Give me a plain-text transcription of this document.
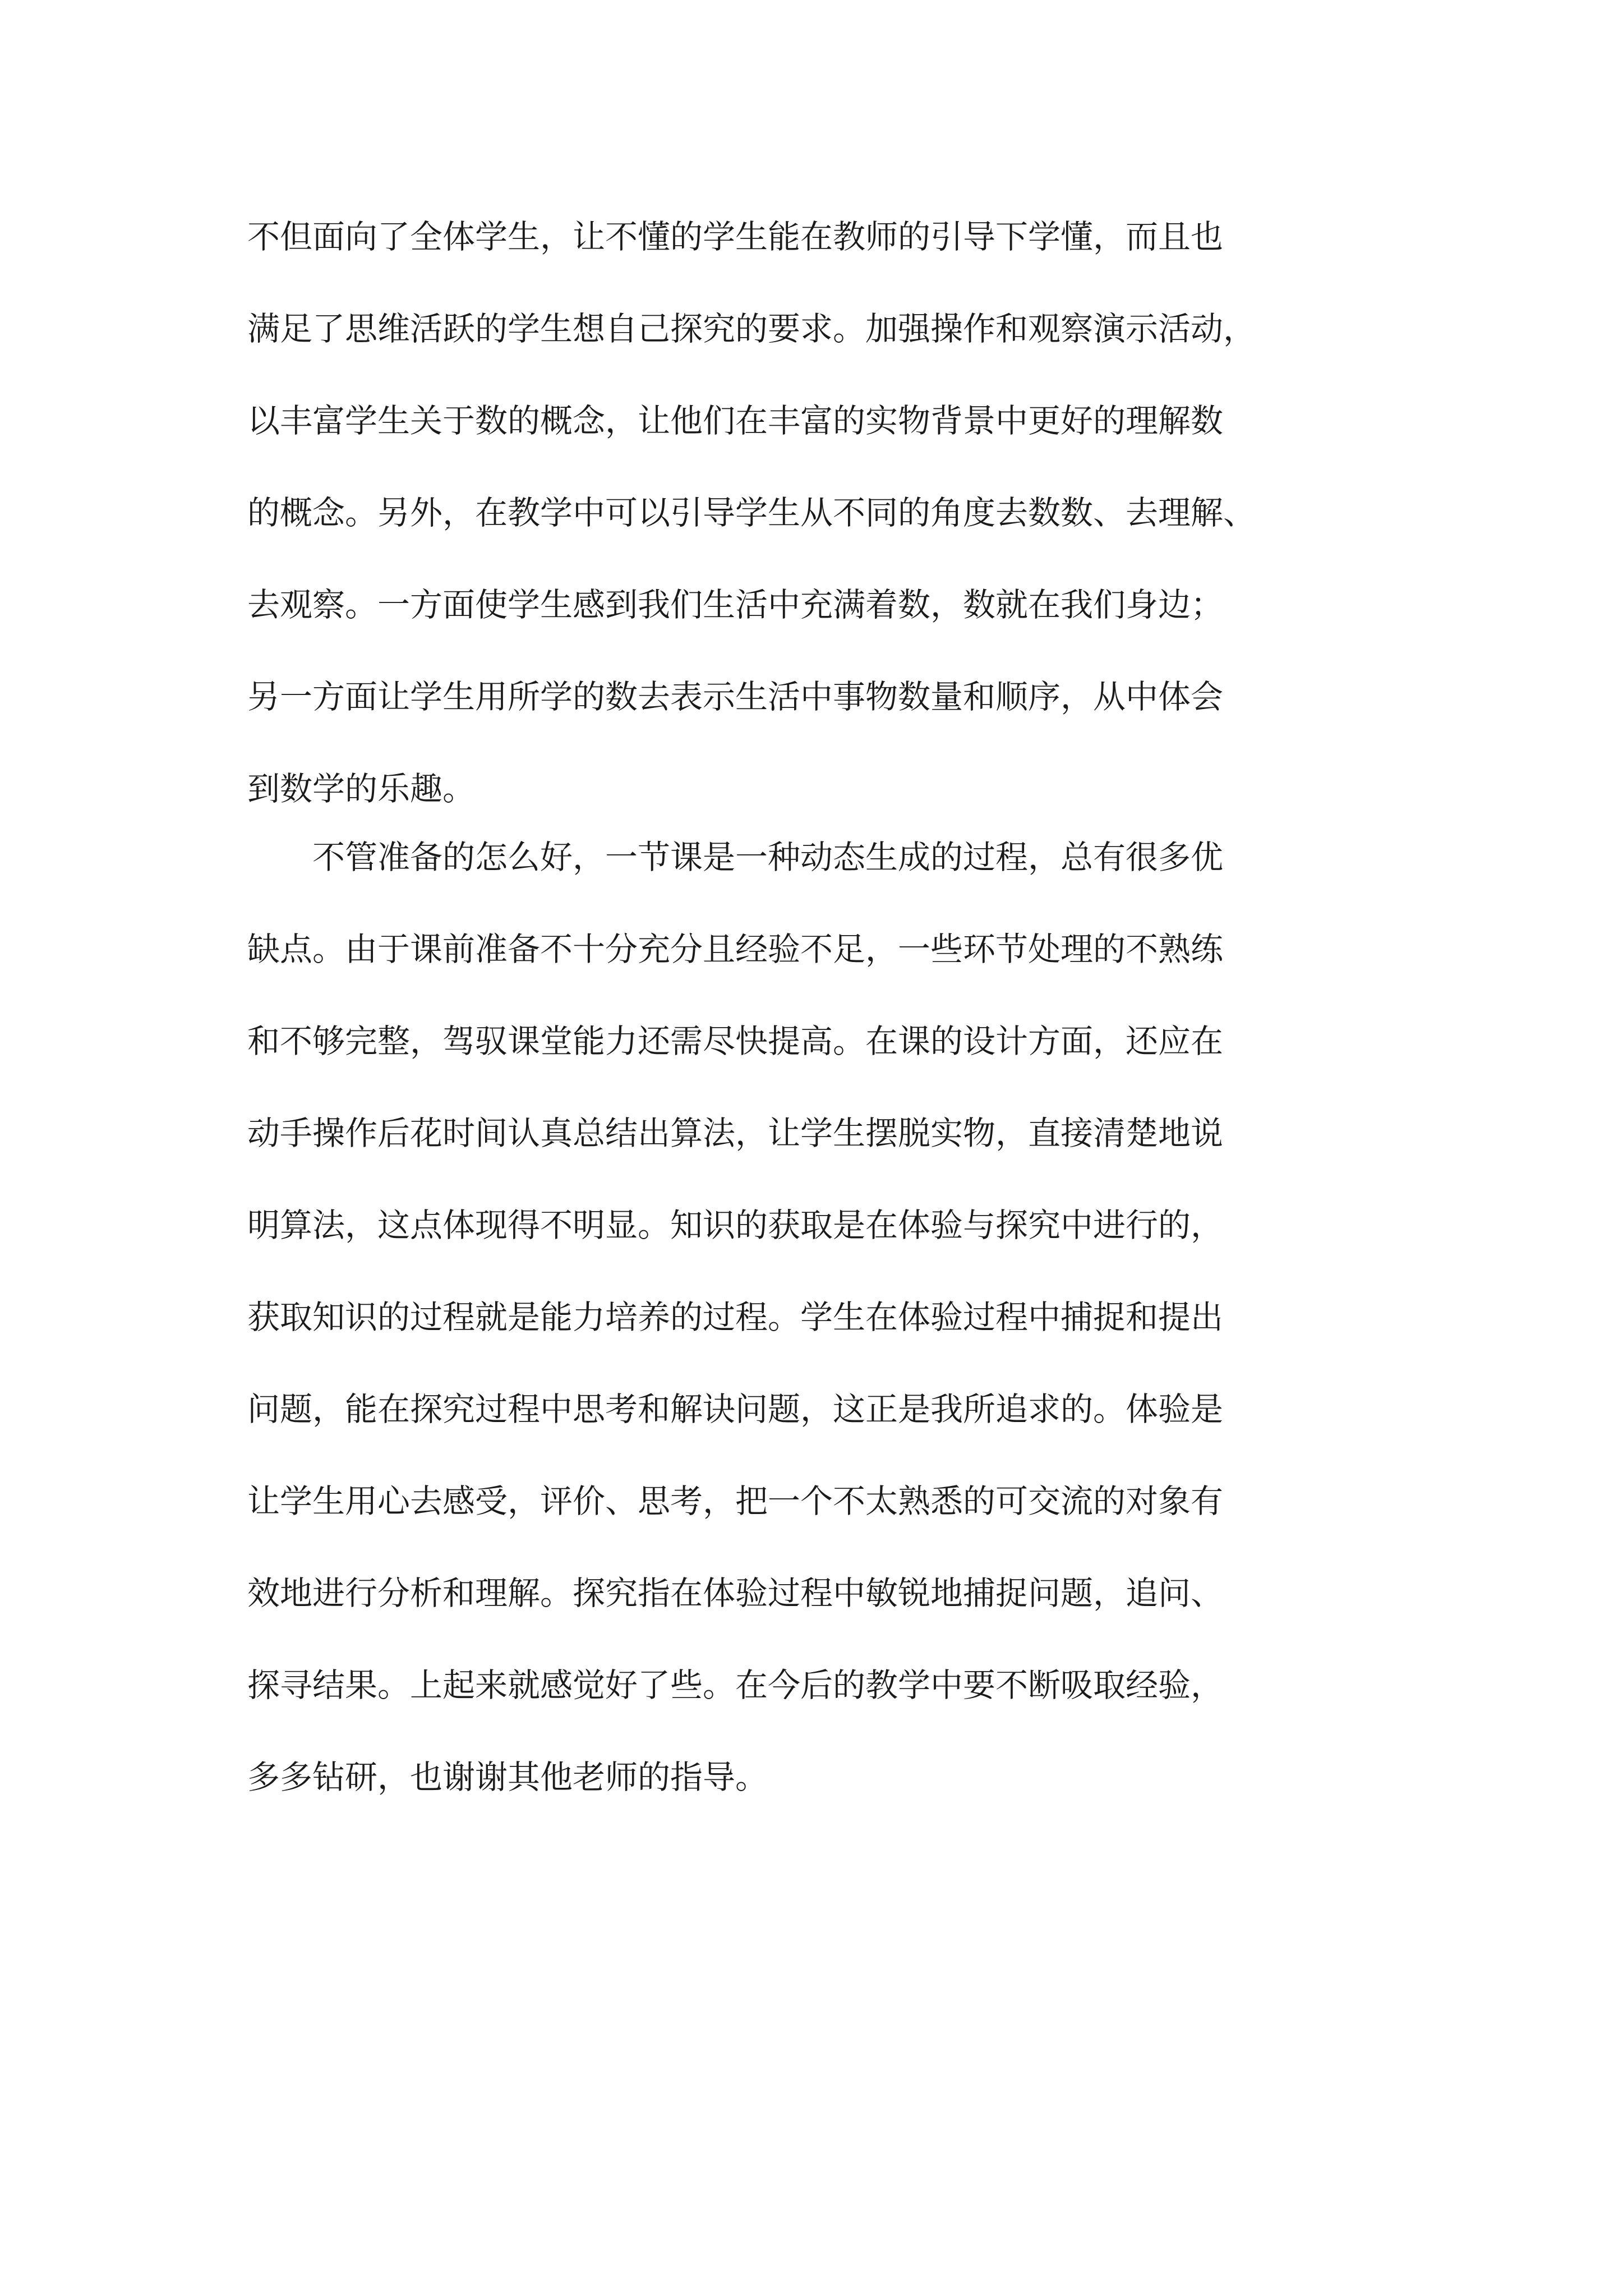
不但面向了全体学生，让不懂的学生能在教师的引导下学懂，而且也
满足了思维活跃的学生想自己探究的要求。加强操作和观察演示活动，
以丰富学生关于数的概念，让他们在丰富的实物背景中更好的理解数
的概念。另外，在教学中可以引导学生从不同的角度去数数、去理解、
去观察。一方面使学生感到我们生活中充满着数，数就在我们身边；
另一方面让学生用所学的数去表示生活中事物数量和顺序，从中体会
到数学的乐趣。
　　不管准备的怎么好，一节课是一种动态生成的过程，总有很多优
缺点。由于课前准备不十分充分且经验不足，一些环节处理的不熟练
和不够完整，驾驭课堂能力还需尽快提高。在课的设计方面，还应在
动手操作后花时间认真总结出算法，让学生摆脱实物，直接清楚地说
明算法，这点体现得不明显。知识的获取是在体验与探究中进行的，
获取知识的过程就是能力培养的过程。学生在体验过程中捕捉和提出
问题，能在探究过程中思考和解诀问题，这正是我所追求的。体验是
让学生用心去感受，评价、思考，把一个不太熟悉的可交流的对象有
效地进行分析和理解。探究指在体验过程中敏锐地捕捉问题，追问、
探寻结果。上起来就感觉好了些。在今后的教学中要不断吸取经验，
多多钻研，也谢谢其他老师的指导。
